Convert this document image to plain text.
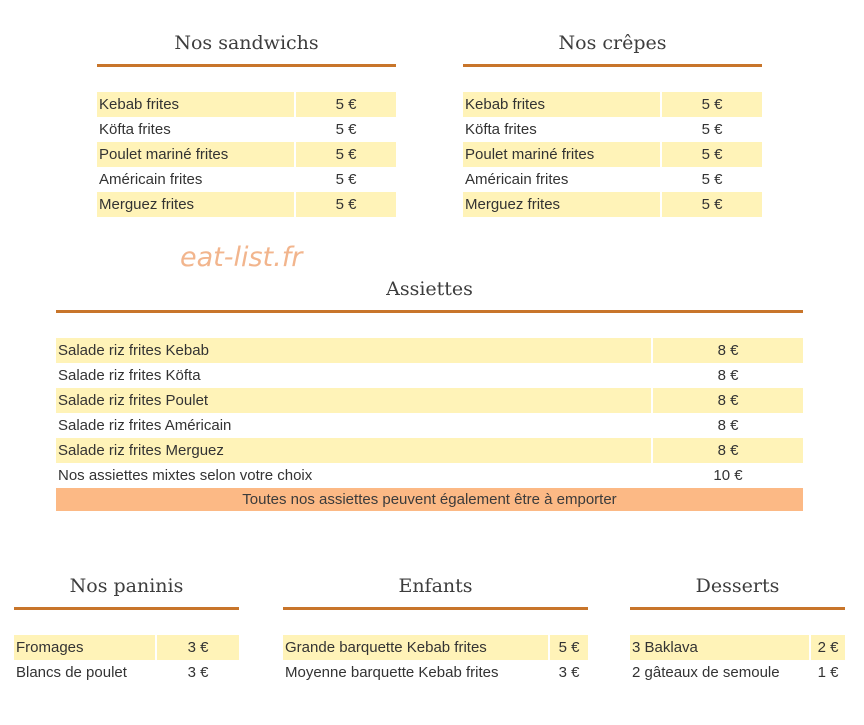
Nos sandwichs
Kebab frites		5 €
Köfta frites		5 €
Poulet mariné frites		5 €
Américain frites		5 €
Merguez frites		5 €
Nos crêpes
Kebab frites		5 €
Köfta frites		5 €
Poulet mariné frites		5 €
Américain frites		5 €
Merguez frites		5 €
eat-list.fr
Assiettes
Salade riz frites Kebab		8 €
Salade riz frites Köfta		8 €
Salade riz frites Poulet		8 €
Salade riz frites Américain		8 €
Salade riz frites Merguez		8 €
Nos assiettes mixtes selon votre choix		10 €
Toutes nos assiettes peuvent également être à emporter
Nos paninis
Fromages		3 €
Blancs de poulet		3 €
Enfants
Grande barquette Kebab frites		5 €
Moyenne barquette Kebab frites		3 €
Desserts
3 Baklava		2 €
2 gâteaux de semoule		1 €
